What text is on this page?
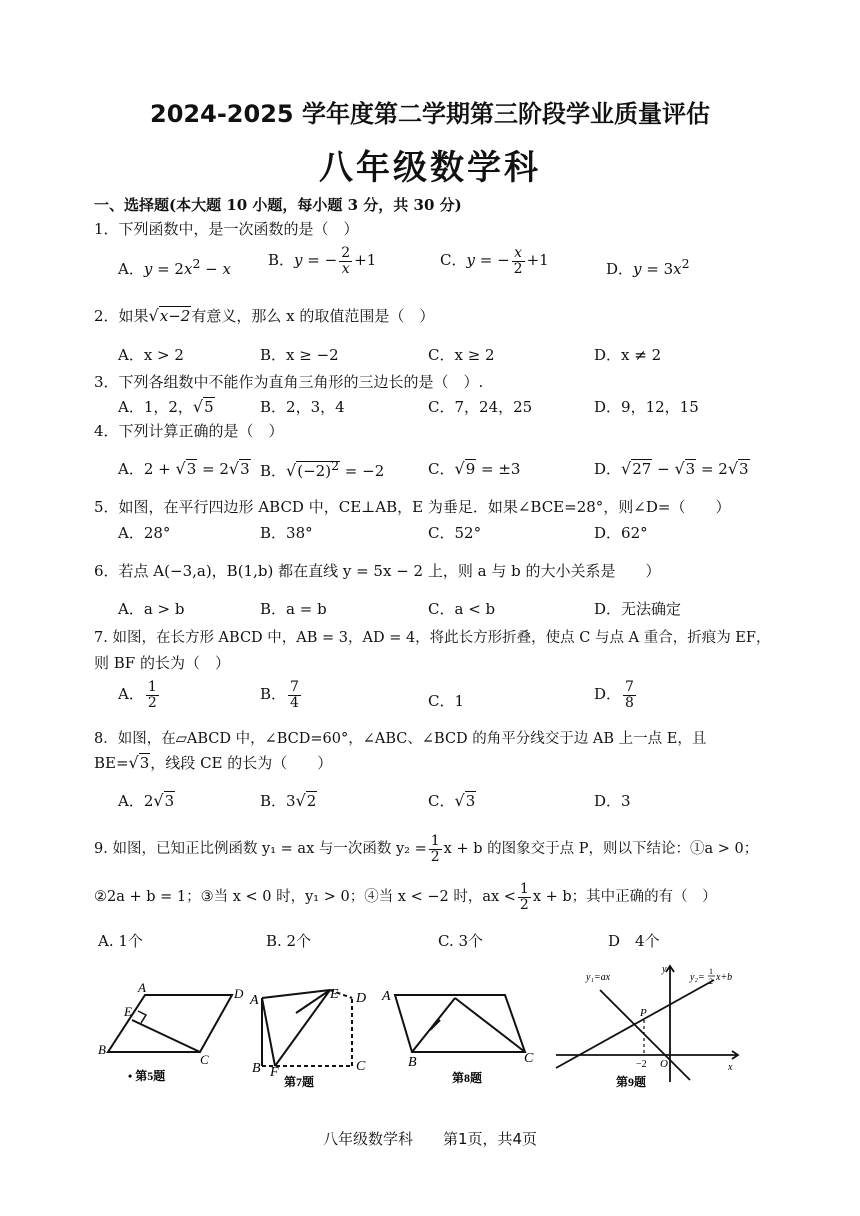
2024-2025 学年度第二学期第三阶段学业质量评估
八年级数学科
一、选择题(本大题 10 小题，每小题 3 分，共 30 分)
1．下列函数中，是一次函数的是（　）
A．$y = 2x^2 - x$ B．y = − $\frac{2}{x} +1$	C．y = − $\frac{x}{2} +1$	D．$y = 3x^2$
2．如果√x−2有意义，那么 x 的取值范围是（　）
A．x > 2	B．x ≥ −2	C．x ≥ 2	D．x ≠ 2
3．下列各组数中不能作为直角三角形的三边长的是（　）.
A．1，2，√5	B．2，3，4	C．7，24，25	D．9，12，15
4．下列计算正确的是（　）
A．2 + √3 = 2√3 B．$√(-2)^2 = -2$	C．√9 = ±3	D．√27 − √3 = 2√3
5．如图，在平行四边形 ABCD 中，CE⊥AB，E 为垂足．如果∠BCE=28°，则∠D=（　　）
A．28°	B．38°	C．52°	D．62°
6．若点 A(−3,a)，B(1,b) 都在直线 y = 5x − 2 上，则 a 与 b 的大小关系是　　）
A．a > b	B．a = b	C．a < b	D．无法确定
7. 如图，在长方形 ABCD 中，AB = 3，AD = 4，将此长方形折叠，使点 C 与点 A 重合，折痕为 EF，
则 BF 的长为（　）
A． $\frac{1}{2}$	B． $\frac{7}{4}$	C．1	D． $\frac{7}{8}$
8．如图，在▱ABCD 中，∠BCD=60°，∠ABC、∠BCD 的角平分线交于边 AB 上一点 E，且
BE=√3，线段 CE 的长为（　　）
A．2√3	B．3√2	C．√3	D．3
9. 如图，已知正比例函数 y₁ = ax 与一次函数 $y_2 = \frac{1}{2}$ x + b 的图象交于点 P，则以下结论：①a > 0；
②2a + b = 1；③当 x < 0 时，y₁ > 0；④当 x < −2 时，ax < $\frac{1}{2}$ x + b；其中正确的有（　）
A. 1个	B. 2个	C. 3个	D　4个
A	D
E
B
C
• 第5题
A	E D
B F	C
第7题
A
B	C
第8题
y₁=ax	y₂=
1
2 x+b
P
−2 O	x
y
第9题
八年级数学科　　第1页，共4页
